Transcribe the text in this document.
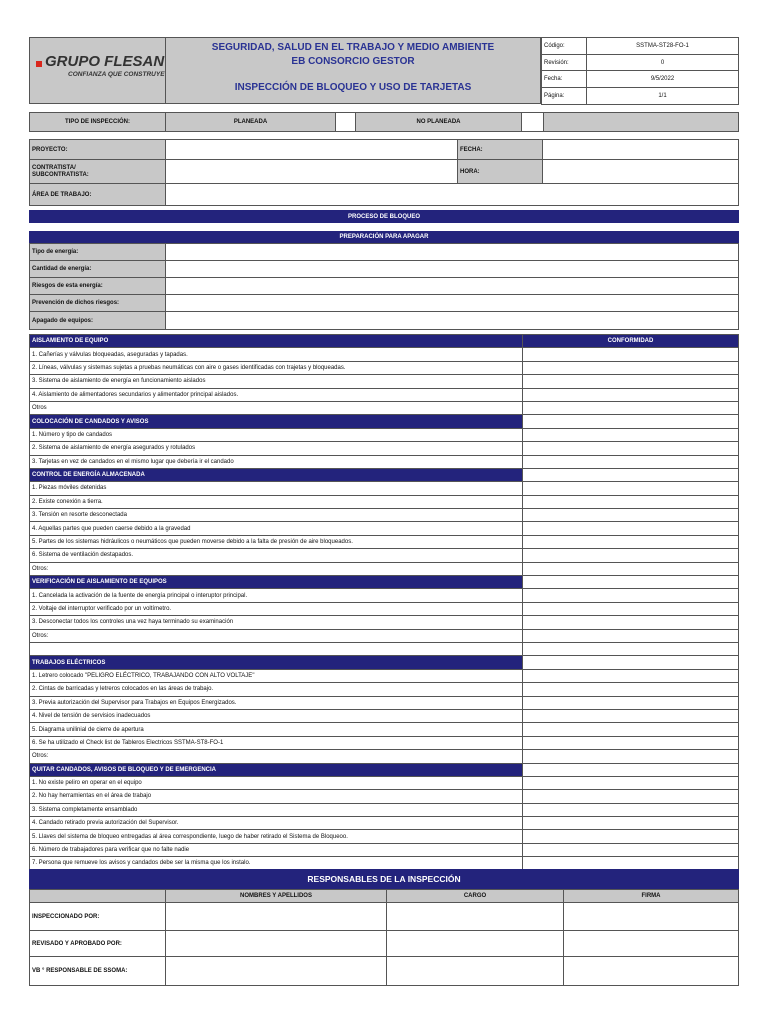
GRUPO FLESAN
CONFIANZA QUE CONSTRUYE
SEGURIDAD, SALUD EN EL TRABAJO Y MEDIO AMBIENTE
EB CONSORCIO GESTOR
INSPECCIÓN DE BLOQUEO Y USO DE TARJETAS
Código:	SSTMA-ST28-FO-1
Revisión:	0
Fecha:	9/5/2022
Página:	1/1
TIPO DE INSPECCIÓN:	PLANEADA		NO PLANEADA		
PROYECTO:		FECHA:	
CONTRATISTA/
SUBCONTRATISTA:		HORA:	
ÁREA DE TRABAJO:			
PROCESO DE BLOQUEO
PREPARACIÓN PARA APAGAR
Tipo de energía:	
Cantidad de energía:	
Riesgos de esta energía:	
Prevención de dichos riesgos:	
Apagado de equipos:	
AISLAMIENTO DE EQUIPO	CONFORMIDAD
1. Cañerías y válvulas bloqueadas, aseguradas y tapadas.	
2. Líneas, válvulas y sistemas sujetas a pruebas neumáticas con aire o gases identificadas con trajetas y bloqueadas.	
3. Sistema de aislamiento de energía en funcionamiento aislados	
4. Aislamiento de alimentadores secundarios y alimentador principal aislados.	
Otros	
COLOCACIÓN DE CANDADOS Y AVISOS	
1. Número y tipo de candados	
2. Sistema de aislamiento de energía asegurados y rotulados	
3. Tarjetas en vez de candados en el mismo lugar que debería ir el candado	
CONTROL DE ENERGÍA ALMACENADA	
1. Piezas móviles detenidas	
2. Existe conexión a tierra.	
3. Tensión en resorte desconectada	
4. Aquellas partes que pueden caerse debido a la gravedad	
5. Partes de los sistemas hidráulicos o neumáticos que pueden moverse debido a la falta de presión de aire bloqueados.	
6. Sistema de ventilación destapados.	
Otros:	
VERIFICACIÓN DE AISLAMIENTO DE EQUIPOS	
1. Cancelada la activación de la fuente de energía principal o interuptor principal.	
2. Voltaje del interruptor verificado por un voltímetro.	
3. Desconectar todos los controles una vez haya terminado su examinación	
Otros:	

TRABAJOS ELÉCTRICOS	
1. Letrero colocado "PELIGRO ELÉCTRICO, TRABAJANDO CON ALTO VOLTAJE"	
2. Cintas de barricadas y letreros colocados en las áreas de trabajo.	
3. Previa autorización del Supervisor para Trabajos en Equipos Energizados.	
4. Nivel de tensión de servisios inadecuados	
5. Diagrama unilinial de cierre de apertura	
6. Se ha utilizado el Check list de Tableros Electricos SSTMA-ST8-FO-1	
Otros:	
QUITAR CANDADOS, AVISOS DE BLOQUEO Y DE EMERGENCIA	
1. No existe peliro en operar en el equipo	
2. No hay herramientas en el área de trabajo	
3. Sistema completamente ensamblado	
4. Candado retirado previa autorización del Supervisor.	
5. Llaves del sistema de bloqueo entregadas al área correspondiente, luego de haber retirado el Sistema de Bloqueoo.	
6. Número de trabajadores para verificar que no falte nadie	
7. Persona que remueve los avisos y candados debe ser la misma que los instalo.	
RESPONSABLES DE LA INSPECCIÓN
	NOMBRES Y APELLIDOS	CARGO	FIRMA
INSPECCIONADO POR:			
REVISADO Y APROBADO POR:			
VB ° RESPONSABLE DE SSOMA:			
